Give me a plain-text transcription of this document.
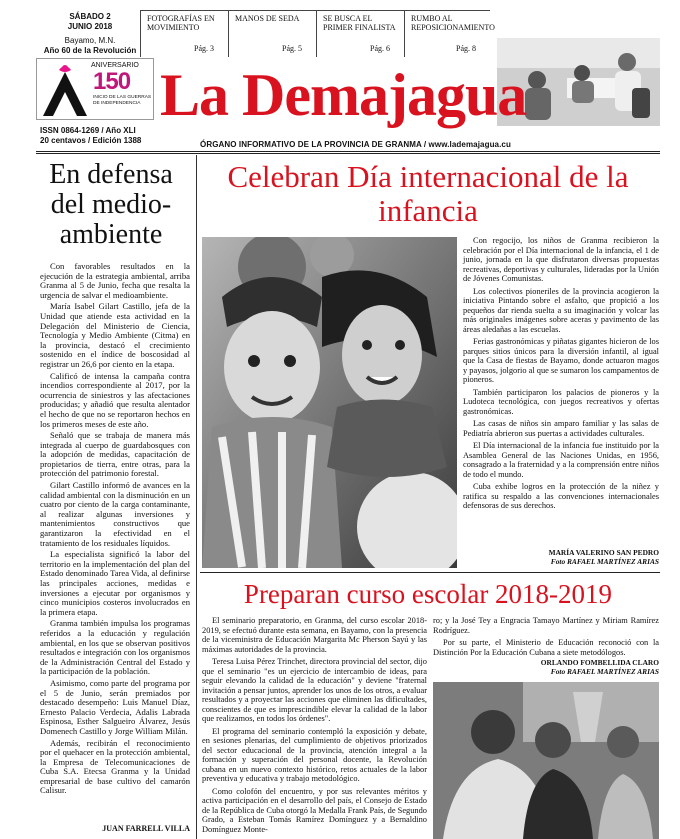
SÁBADO 2
JUNIO 2018
Bayamo, M.N.
Año 60 de la Revolución
FOTOGRAFÍAS EN MOVIMIENTO
Pág. 3
MANOS DE SEDA
Pág. 5
SE BUSCA EL PRIMER FINALISTA
Pág. 6
RUMBO AL REPOSICIONAMIENTO
Pág. 8
ANIVERSARIO
150
INICIO DE LAS GUERRAS DE INDEPENDENCIA La Demajagua
ISSN 0864-1269 / Año XLI
20 centavos / Edición 1388	ÓRGANO INFORMATIVO DE LA PROVINCIA DE GRANMA / www.lademajagua.cu
En defensa del medio-ambiente

Con favorables resultados en la ejecución de la estrategia ambiental, arriba Granma al 5 de Junio, fecha que resalta la urgencia de salvar el medioambiente.

María Isabel Gilart Castillo, jefa de la Unidad que atiende esta actividad en la Delegación del Ministerio de Ciencia, Tecnología y Medio Ambiente (Citma) en la provincia, destacó el crecimiento sostenido en el índice de boscosidad al registrar un 26,6 por ciento en la etapa.

Calificó de intensa la campaña contra incendios correspondiente al 2017, por la ocurrencia de siniestros y las afectaciones producidas; y añadió que resulta alentador el hecho de que no se reportaron hechos en los primeros meses de este año.

Señaló que se trabaja de manera más integrada al cuerpo de guardabosques con la adopción de medidas, capacitación de propietarios de tierra, entre otras, para la protección del patrimonio forestal.

Gilart Castillo informó de avances en la calidad ambiental con la disminución en un cuatro por ciento de la carga contaminante, al realizar algunas inversiones y mantenimientos constructivos que garantizaron la efectividad en el tratamiento de los residuales líquidos.

La especialista significó la labor del territorio en la implementación del plan del Estado denominado Tarea Vida, al definirse las principales acciones, medidas e inversiones a ejecutar por organismos y cinco municipios costeros involucrados en la primera etapa.

Granma también impulsa los programas referidos a la educación y regulación ambiental, en los que se observan positivos resultados e integración con los organismos de la Administración Central del Estado y la participación de la población.

Asimismo, como parte del programa por el 5 de Junio, serán premiados por destacado desempeño: Luis Manuel Díaz, Ernesto Palacio Verdecia, Adalis Labrada Espinosa, Esther Salgueiro Álvarez, Jesús Domenech Castillo y Jorge William Milán.

Además, recibirán el reconocimiento por el quehacer en la protección ambiental, la Empresa de Telecomunicaciones de Cuba S.A. Etecsa Granma y la Unidad empresarial de base cultivo del camarón Calisur.

JUAN FARRELL VILLA
Celebran Día internacional de la infancia

Con regocijo, los niños de Granma recibieron la celebración por el Día internacional de la infancia, el 1 de junio, jornada en la que disfrutaron diversas propuestas recreativas, deportivas y culturales, lideradas por la Unión de Jóvenes Comunistas.

Los colectivos pioneriles de la provincia acogieron la iniciativa Pintando sobre el asfalto, que propició a los pequeños dar rienda suelta a su imaginación y volcar las más originales imágenes sobre aceras y pavimento de las áreas aledañas a las escuelas.

Ferias gastronómicas y piñatas gigantes hicieron de los parques sitios únicos para la diversión infantil, al igual que la Casa de fiestas de Bayamo, donde actuaron magos y payasos, jolgorio al que se sumaron los campamentos de pioneros.

También participaron los palacios de pioneros y la Ludoteca tecnológica, con juegos recreativos y ofertas gastronómicas.

Las casas de niños sin amparo familiar y las salas de Pediatría abrieron sus puertas a actividades culturales.

El Día internacional de la infancia fue instituido por la Asamblea General de las Naciones Unidas, en 1956, consagrado a la fraternidad y a la comprensión entre niños de todo el mundo.

Cuba exhibe logros en la protección de la niñez y ratifica su respaldo a las convenciones internacionales defensoras de sus derechos.

MARÍA VALERINO SAN PEDRO
Foto RAFAEL MARTÍNEZ ARIAS
Preparan curso escolar 2018-2019

El seminario preparatorio, en Granma, del curso escolar 2018-2019, se efectuó durante esta semana, en Bayamo, con la presencia de la viceministra de Educación Margarita Mc Pherson Sayú y las máximas autoridades de la provincia.

Teresa Luisa Pérez Trinchet, directora provincial del sector, dijo que el seminario "es un ejercicio de intercambio de ideas, para seguir elevando la calidad de la educación" y deviene "fraternal invitación a pensar juntos, aprender los unos de los otros, a evaluar resultados y a proyectar las acciones que eliminen las dificultades, conscientes de que es imprescindible elevar la calidad de la labor que realizamos, en todos los órdenes".

El programa del seminario contempló la exposición y debate, en sesiones plenarias, del cumplimiento de objetivos priorizados del sector educacional de la provincia, atención integral a la formación y superación del personal docente, la Revolución cubana en un nuevo contexto histórico, retos actuales de la labor preventiva y educativa y trabajo metodológico.

Como colofón del encuentro, y por sus relevantes méritos y activa participación en el desarrollo del país, el Consejo de Estado de la República de Cuba otorgó la Medalla Frank País, de Segundo Grado, a Esteban Tomás Ramírez Domínguez y a Bernaldino Domínguez Monte-

ro; y la José Tey a Engracia Tamayo Martínez y Miriam Ramírez Rodríguez.

Por su parte, el Ministerio de Educación reconoció con la Distinción Por la Educación Cubana a siete metodólogos.

ORLANDO FOMBELLIDA CLARO
Foto RAFAEL MARTÍNEZ ARIAS
